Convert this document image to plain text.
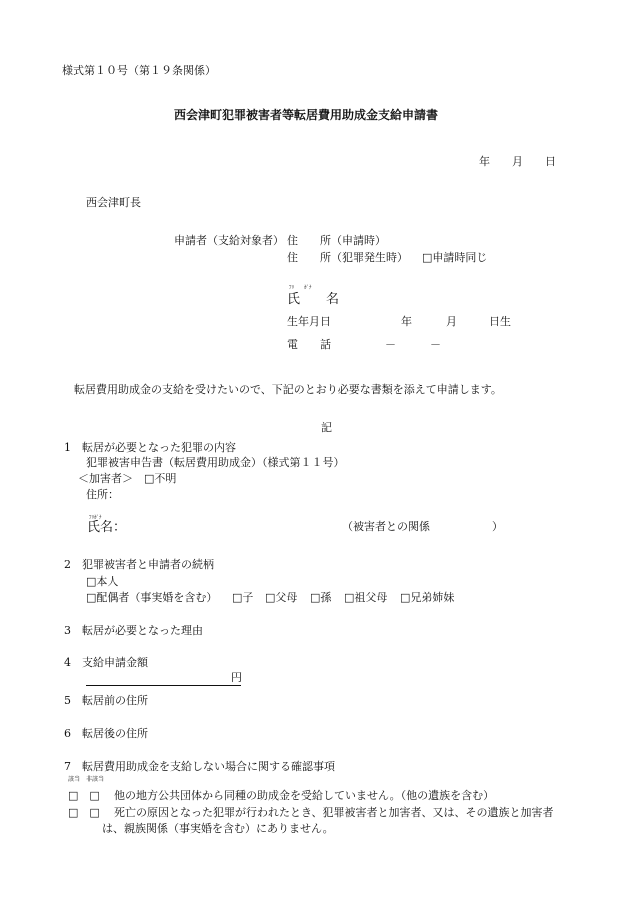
様式第１０号（第１９条関係）
西会津町犯罪被害者等転居費用助成金支給申請書
年 月 日
西会津町長
申請者（支給対象者） 住　　所（申請時）
住　　所（犯罪発生時） □申請時同じ
ﾌﾘ　　ｶﾞﾅ
氏　　名
生年月日	年	月	日生
電　　話	－	－
転居費用助成金の支給を受けたいので、下記のとおり必要な書類を添えて申請します。
記
1　転居が必要となった犯罪の内容
犯罪被害申告書（転居費用助成金）（様式第１１号）
＜加害者＞　□不明
住所：
ﾌﾘｶﾞﾅ
氏名：	（被害者との関係	）
2　犯罪被害者と申請者の続柄
□本人
□配偶者（事実婚を含む） □子 □父母 □孫 □祖父母 □兄弟姉妹
3　転居が必要となった理由
4　支給申請金額
円
5　転居前の住所
6　転居後の住所
7　転居費用助成金を支給しない場合に関する確認事項
該当　非該当
□　□ 他の地方公共団体から同種の助成金を受給していません。（他の遺族を含む）
□　□ 死亡の原因となった犯罪が行われたとき、犯罪被害者と加害者、又は、その遺族と加害者
は、親族関係（事実婚を含む）にありません。
